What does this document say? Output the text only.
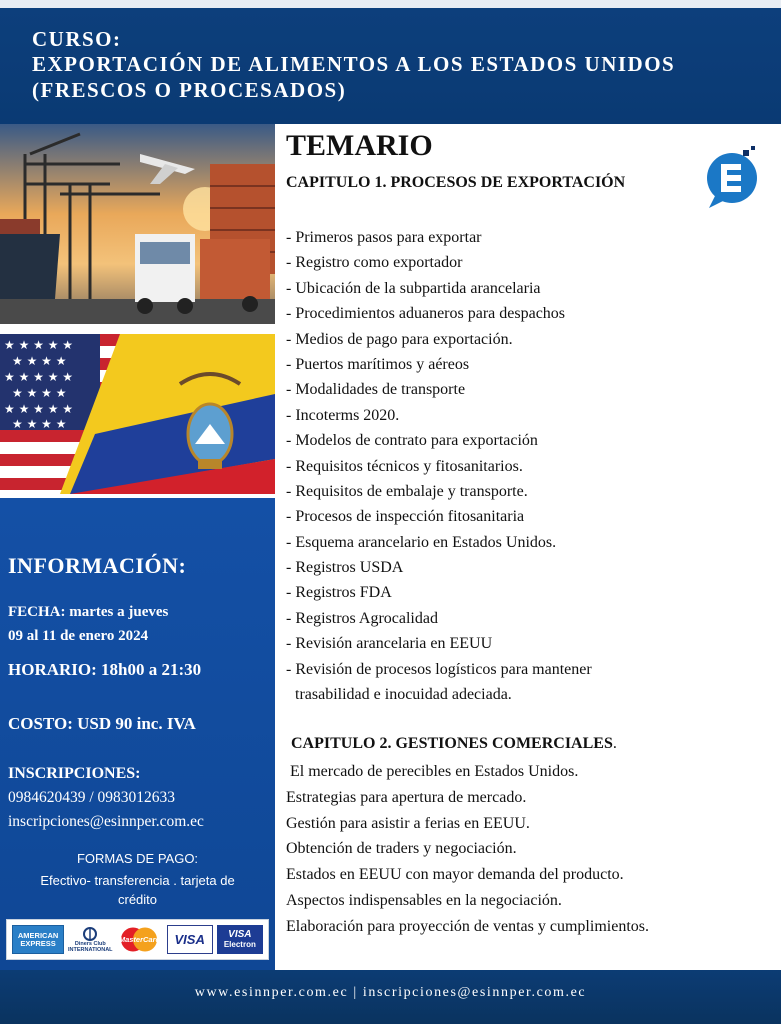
CURSO:
EXPORTACIÓN DE ALIMENTOS A LOS ESTADOS UNIDOS
(FRESCOS O PROCESADOS)
★ ★ ★ ★ ★
★ ★ ★ ★
★ ★ ★ ★ ★
★ ★ ★ ★
★ ★ ★ ★ ★
★ ★ ★ ★
INFORMACIÓN:
FECHA: martes a jueves
09 al 11 de enero 2024
HORARIO: 18h00 a 21:30
COSTO: USD 90 inc. IVA
INSCRIPCIONES:
0984620439 / 0983012633
inscripciones@esinnper.com.ec
FORMAS DE PAGO:
Efectivo- transferencia . tarjeta de crédito
AMERICAN
EXPRESS	Diners Club
INTERNATIONAL
MasterCard VISA VISA
Electron
TEMARIO
CAPITULO 1. PROCESOS DE EXPORTACIÓN
- Primeros pasos para exportar
- Registro como exportador
- Ubicación de la subpartida arancelaria
- Procedimientos aduaneros para despachos
- Medios de pago para exportación.
- Puertos marítimos y aéreos
- Modalidades de transporte
- Incoterms 2020.
- Modelos de contrato para exportación
- Requisitos técnicos y fitosanitarios.
- Requisitos de embalaje y transporte.
- Procesos de inspección fitosanitaria
- Esquema arancelario en Estados Unidos.
- Registros USDA
- Registros FDA
- Registros Agrocalidad
- Revisión arancelaria en EEUU
- Revisión de procesos logísticos para mantener
trasabilidad e inocuidad adeciada.
CAPITULO 2. GESTIONES COMERCIALES.
El mercado de perecibles en Estados Unidos.
Estrategias para apertura de mercado.
Gestión para asistir a ferias en EEUU.
Obtención de traders y negociación.
Estados en EEUU con mayor demanda del producto.
Aspectos indispensables en la negociación.
Elaboración para proyección de ventas y cumplimientos.
www.esinnper.com.ec | inscripciones@esinnper.com.ec
